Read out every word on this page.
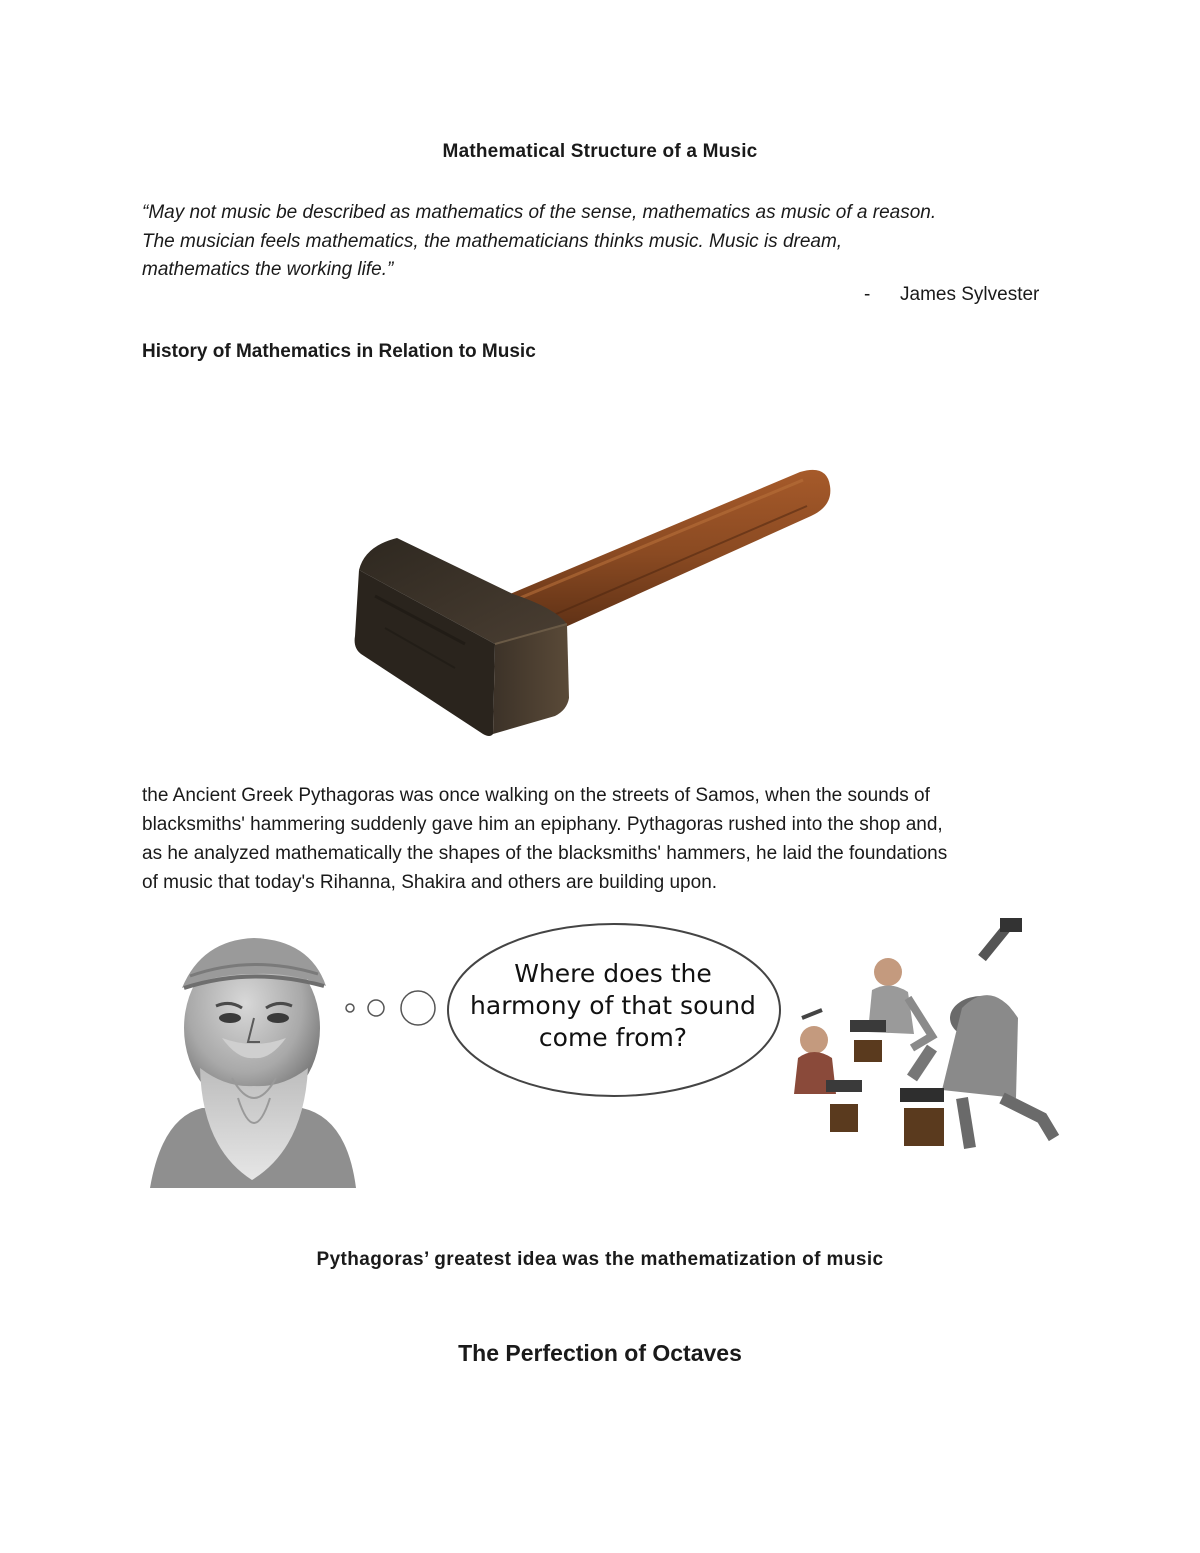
Mathematical Structure of a Music
“May not music be described as mathematics of the sense, mathematics as music of a reason.
The musician feels mathematics, the mathematicians thinks music. Music is dream,
mathematics the working life.”
- James Sylvester
History of Mathematics in Relation to Music
the Ancient Greek Pythagoras was once walking on the streets of Samos, when the sounds of
blacksmiths' hammering suddenly gave him an epiphany. Pythagoras rushed into the shop and,
as he analyzed mathematically the shapes of the blacksmiths' hammers, he laid the foundations
of music that today's Rihanna, Shakira and others are building upon.
Where does the
harmony of that sound
come from?
Pythagoras’ greatest idea was the mathematization of music
The Perfection of Octaves
